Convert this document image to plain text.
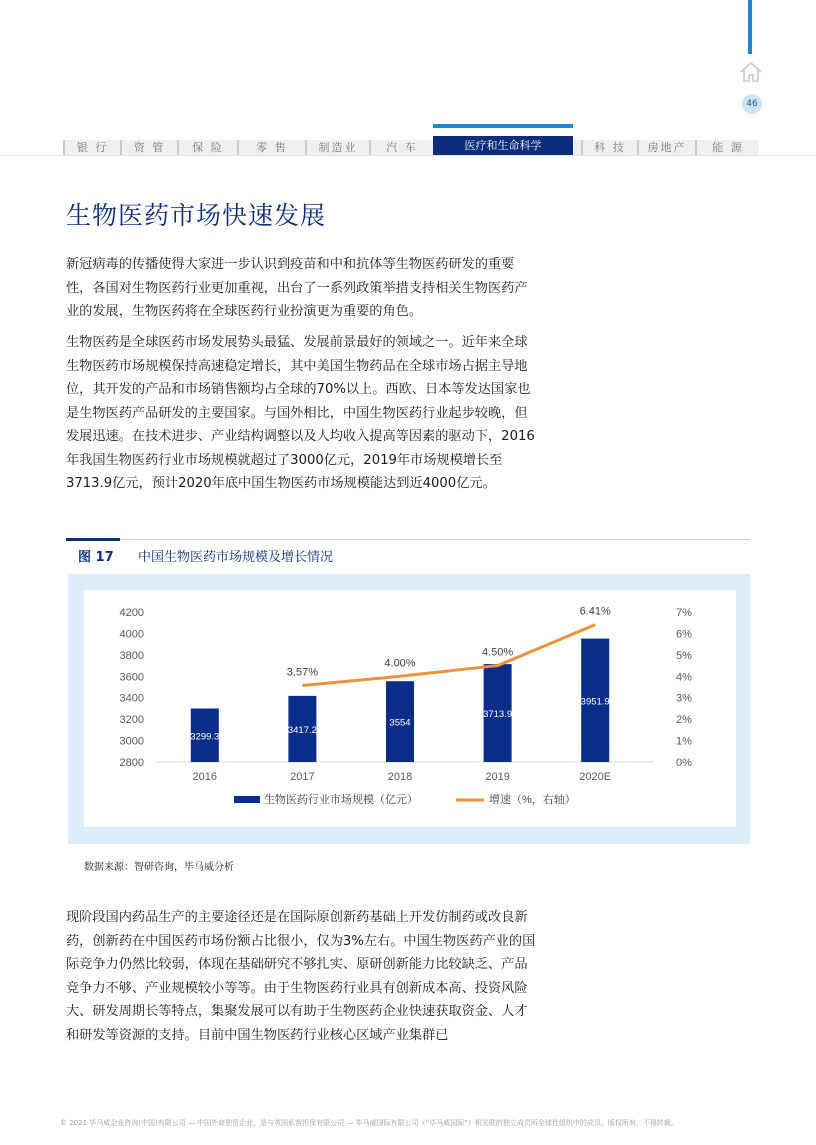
46
银 行	资 管	保 险	零 售	制造业	汽 车	医疗和生命科学	科 技	房地产	能 源
生物医药市场快速发展

新冠病毒的传播使得大家进一步认识到疫苗和中和抗体等生物医药研发的重要性，各国对生物医药行业更加重视，出台了一系列政策举措支持相关生物医药产业的发展，生物医药将在全球医药行业扮演更为重要的角色。

生物医药是全球医药市场发展势头最猛、发展前景最好的领域之一。近年来全球生物医药市场规模保持高速稳定增长，其中美国生物药品在全球市场占据主导地位，其开发的产品和市场销售额均占全球的70%以上。西欧、日本等发达国家也是生物医药产品研发的主要国家。与国外相比，中国生物医药行业起步较晚，但发展迅速。在技术进步、产业结构调整以及人均收入提高等因素的驱动下，2016年我国生物医药行业市场规模就超过了3000亿元，2019年市场规模增长至3713.9亿元，预计2020年底中国生物医药市场规模能达到近4000亿元。

图 17 中国生物医药市场规模及增长情况
2800
3000
3200
3400
3600
3800
4000
4200
0%
1%
2%
3%
4%
5%
6%
7%
3299.3
3417.2
3554
3713.9
3951.9
2016	2017	2018	2019	2020E
3.57%
4.00%
4.50%
6.41%
生物医药行业市场规模（亿元）	增速（%，右轴）
数据来源：智研咨询，毕马威分析

现阶段国内药品生产的主要途径还是在国际原创新药基础上开发仿制药或改良新药，创新药在中国医药市场份额占比很小，仅为3%左右。中国生物医药产业的国际竞争力仍然比较弱，体现在基础研究不够扎实、原研创新能力比较缺乏、产品竞争力不够、产业规模较小等等。由于生物医药行业具有创新成本高、投资风险大、研发周期长等特点，集聚发展可以有助于生物医药企业快速获取资金、人才和研发等资源的支持。目前中国生物医药行业核心区域产业集群已

© 2021 毕马威企业咨询(中国)有限公司 — 中国外商独资企业，是与英国私营担保有限公司 — 毕马威国际有限公司（“毕马威国际”）相关联的独立成员所全球性组织中的成员。版权所有，不得转载。
